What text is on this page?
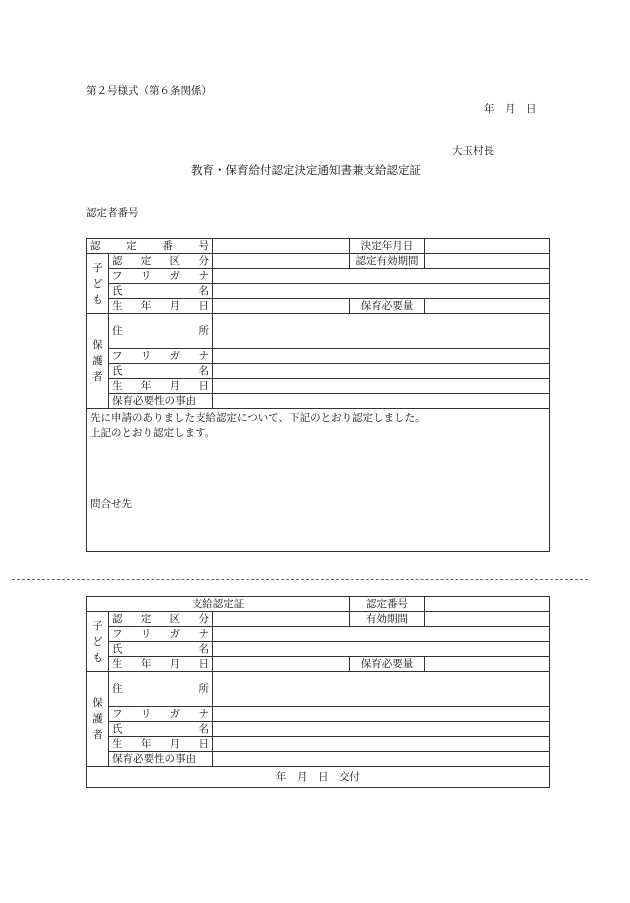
第２号様式（第６条関係）
年　月　日
大玉村長
教育・保育給付認定決定通知書兼支給認定証
認定者番号
認　定　番　号			決定年月日	

子
ど
も	認　定　区　分		認定有効期間	
	フ　リ　ガ　ナ			
	氏　　　　　名			
	生　年　月　日		保育必要量	

保
護
者	住　　　　　所			
	フ　リ　ガ　ナ			
	氏　　　　　名			
	生　年　月　日			
	保育必要性の事由			

先に申請のありました支給認定について、下記のとおり認定しました。
上記のとおり認定します。
問合せ先				
支給認定証			認定番号	

子
ど
も	認　定　区　分		有効期間	
	フ　リ　ガ　ナ			
	氏　　　　　名			
	生　年　月　日		保育必要量	

保
護
者	住　　　　　所			
	フ　リ　ガ　ナ			
	氏　　　　　名			
	生　年　月　日			
	保育必要性の事由			
年　月　日　交付				
